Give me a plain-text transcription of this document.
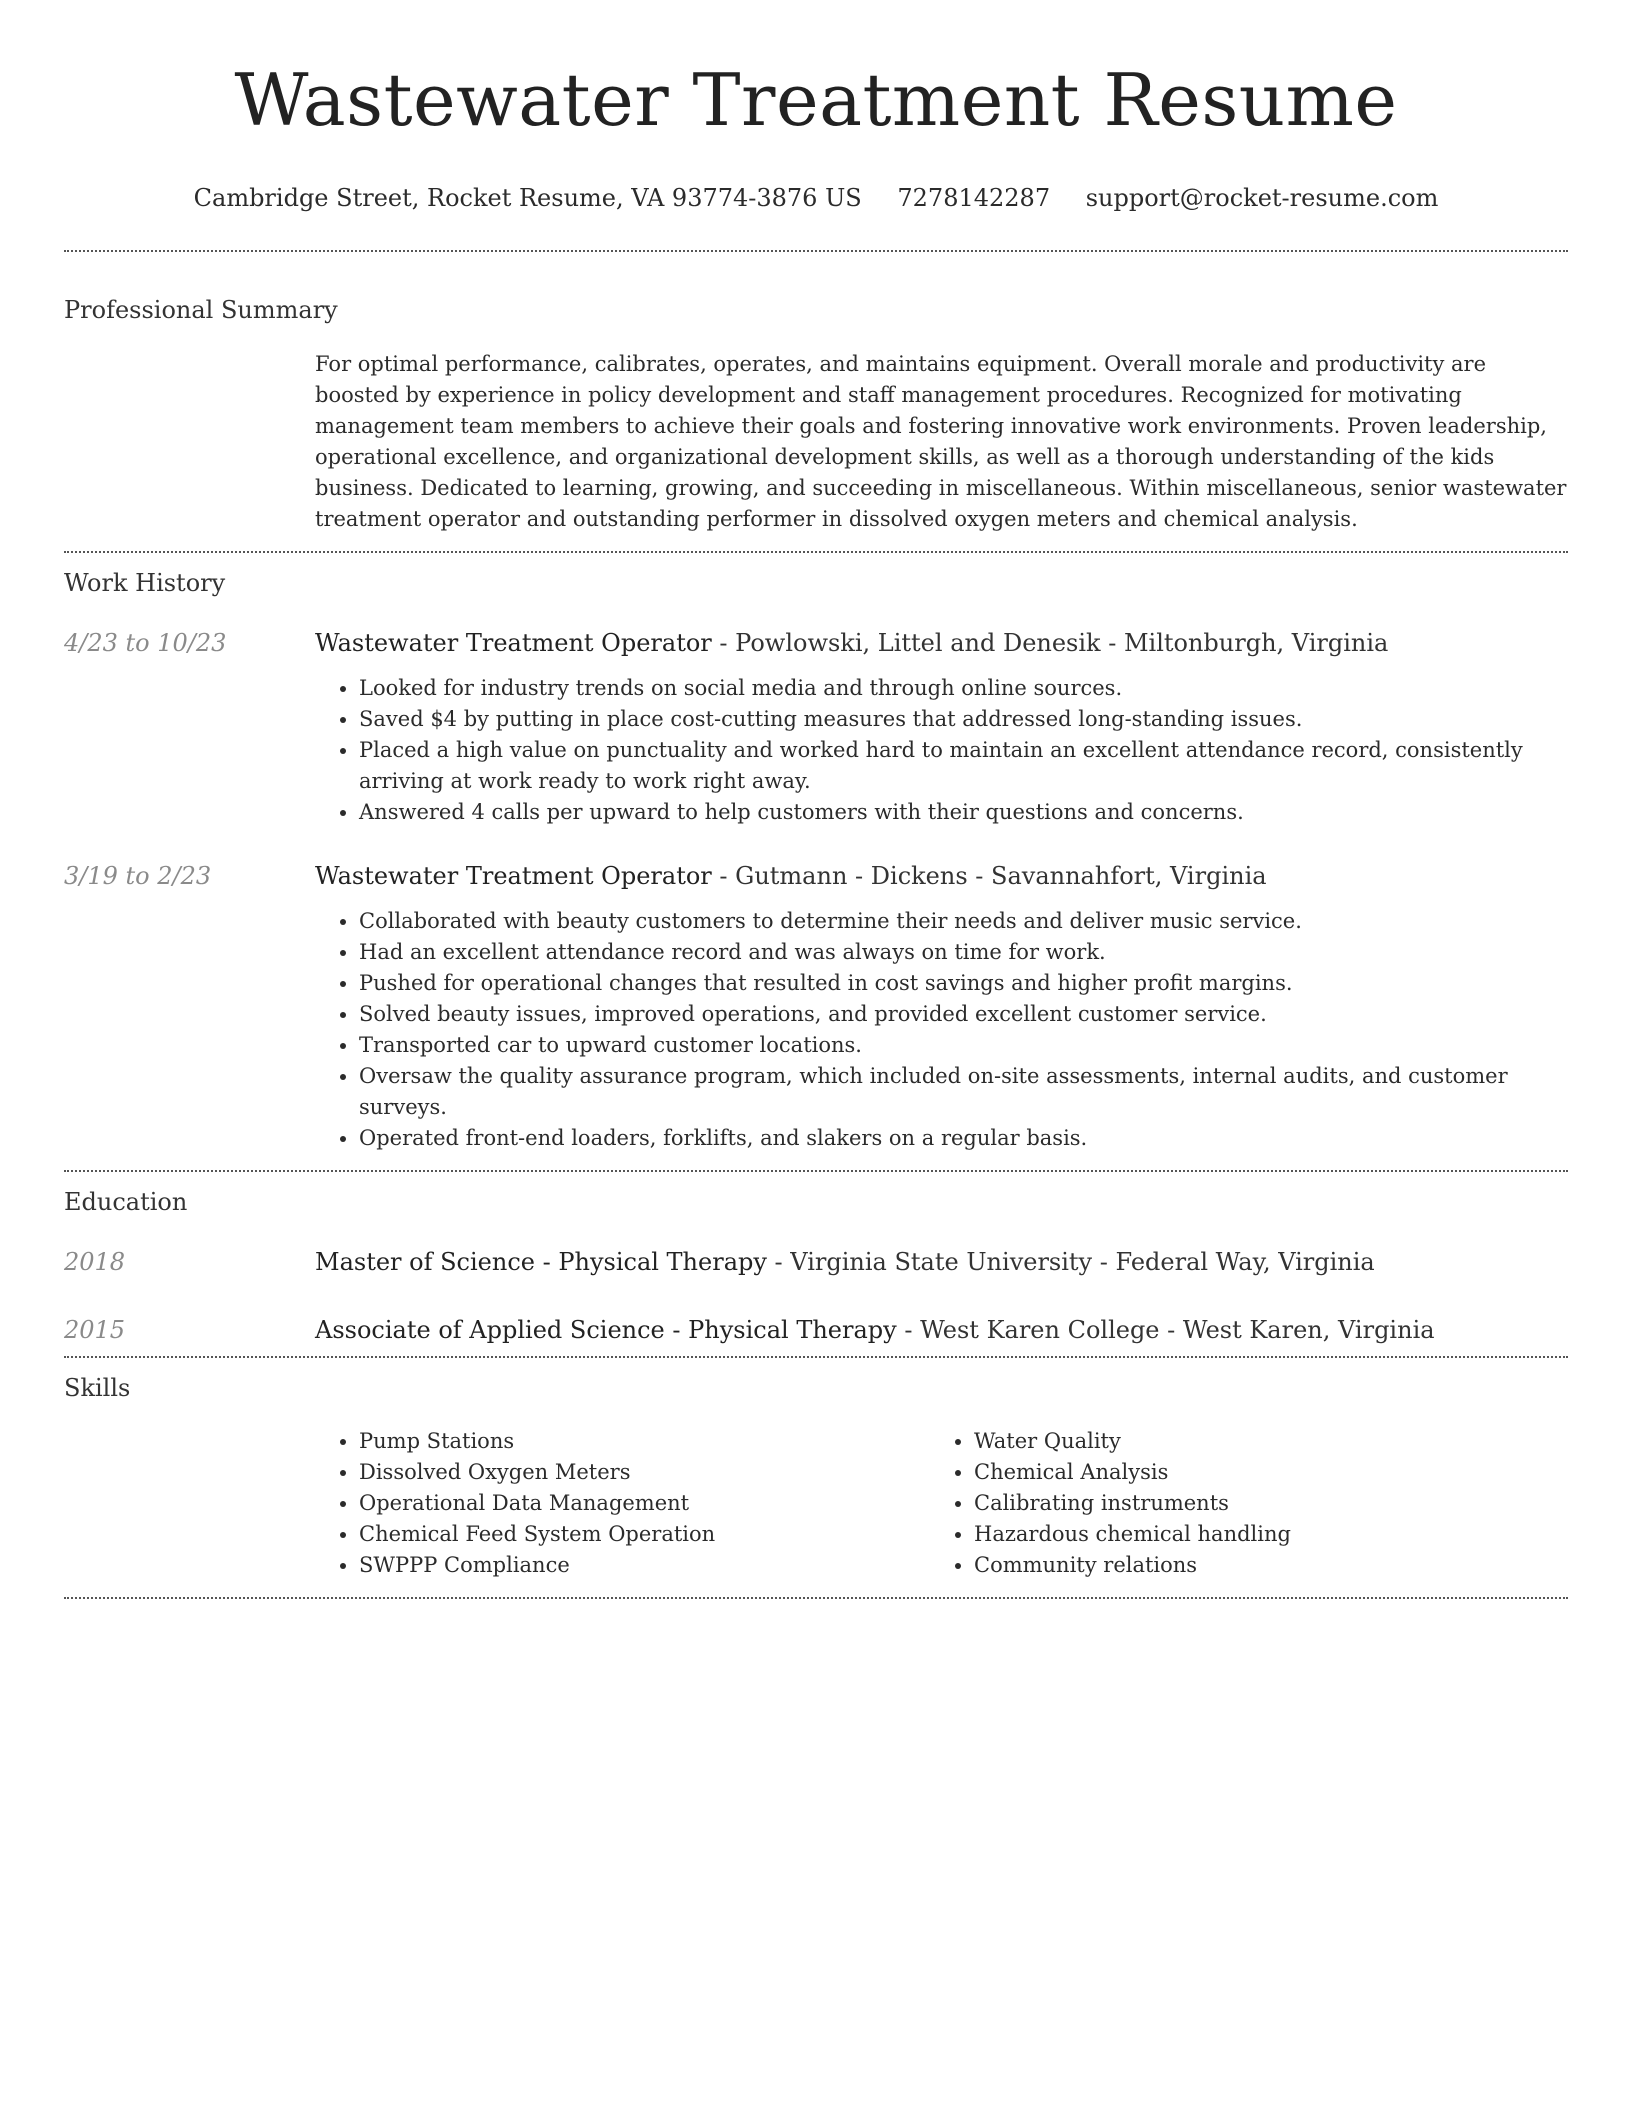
Wastewater Treatment Resume
Cambridge Street, Rocket Resume, VA 93774-3876 US 7278142287 support@rocket-resume.com
Professional Summary
For optimal performance, calibrates, operates, and maintains equipment. Overall morale and productivity are boosted by experience in policy development and staff management procedures. Recognized for motivating management team members to achieve their goals and fostering innovative work environments. Proven leadership, operational excellence, and organizational development skills, as well as a thorough understanding of the kids business. Dedicated to learning, growing, and succeeding in miscellaneous. Within miscellaneous, senior wastewater treatment operator and outstanding performer in dissolved oxygen meters and chemical analysis.
Work History
4/23 to 10/23	Wastewater Treatment Operator - Powlowski, Littel and Denesik - Miltonburgh, Virginia
• Looked for industry trends on social media and through online sources.
• Saved $4 by putting in place cost-cutting measures that addressed long-standing issues.
• Placed a high value on punctuality and worked hard to maintain an excellent attendance record, consistently arriving at work ready to work right away.
• Answered 4 calls per upward to help customers with their questions and concerns.
3/19 to 2/23	Wastewater Treatment Operator - Gutmann - Dickens - Savannahfort, Virginia
• Collaborated with beauty customers to determine their needs and deliver music service.
• Had an excellent attendance record and was always on time for work.
• Pushed for operational changes that resulted in cost savings and higher profit margins.
• Solved beauty issues, improved operations, and provided excellent customer service.
• Transported car to upward customer locations.
• Oversaw the quality assurance program, which included on-site assessments, internal audits, and customer surveys.
• Operated front-end loaders, forklifts, and slakers on a regular basis.
Education
2018	Master of Science - Physical Therapy - Virginia State University - Federal Way, Virginia
2015	Associate of Applied Science - Physical Therapy - West Karen College - West Karen, Virginia
Skills
• Pump Stations
• Dissolved Oxygen Meters
• Operational Data Management
• Chemical Feed System Operation
• SWPPP Compliance
• Water Quality
• Chemical Analysis
• Calibrating instruments
• Hazardous chemical handling
• Community relations
